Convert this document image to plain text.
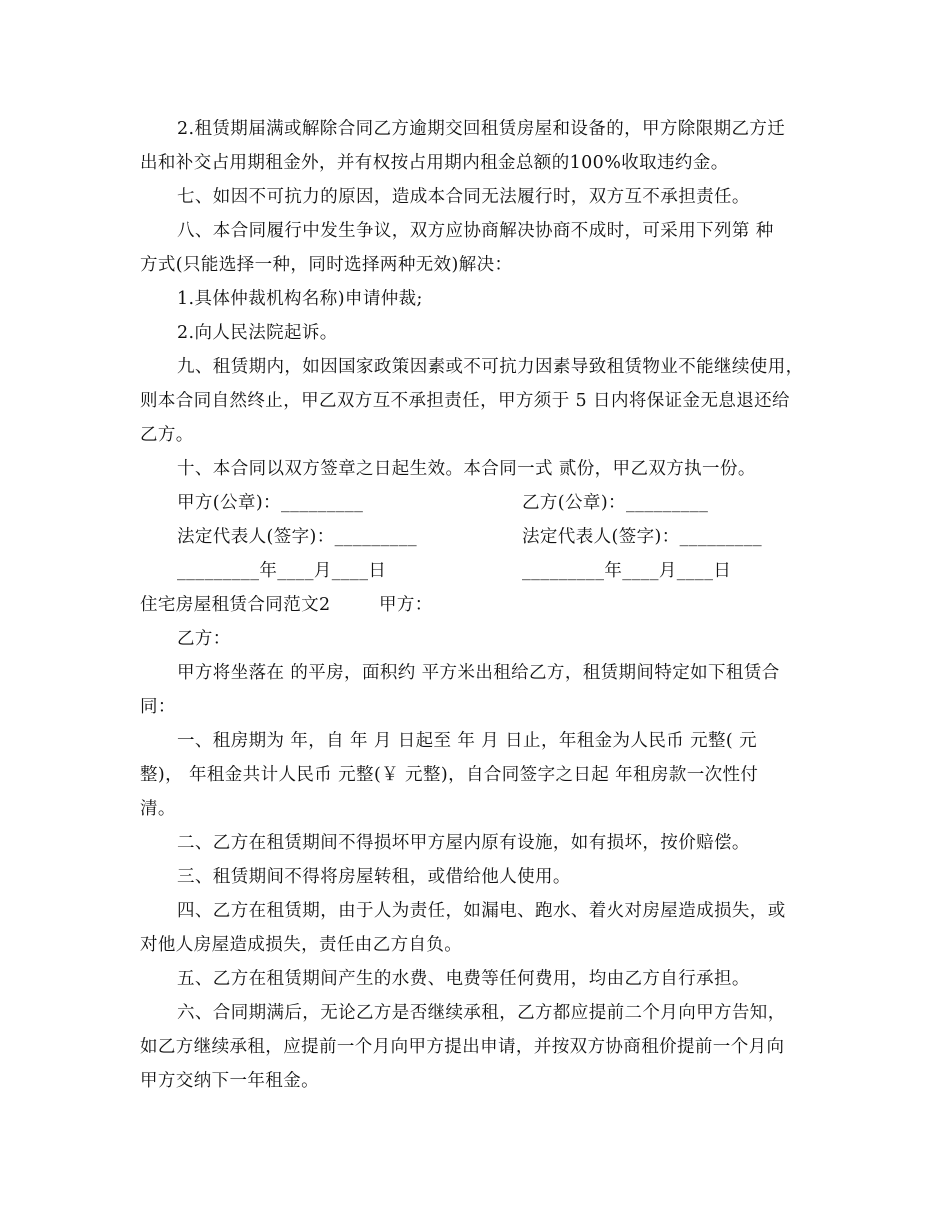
2.租赁期届满或解除合同乙方逾期交回租赁房屋和设备的，甲方除限期乙方迁
出和补交占用期租金外，并有权按占用期内租金总额的100%收取违约金。
七、如因不可抗力的原因，造成本合同无法履行时，双方互不承担责任。
八、本合同履行中发生争议，双方应协商解决协商不成时，可采用下列第 种
方式(只能选择一种，同时选择两种无效)解决：
1.具体仲裁机构名称)申请仲裁;
2.向人民法院起诉。
九、租赁期内，如因国家政策因素或不可抗力因素导致租赁物业不能继续使用，
则本合同自然终止，甲乙双方互不承担责任，甲方须于 5 日内将保证金无息退还给
乙方。
十、本合同以双方签章之日起生效。本合同一式 贰份，甲乙双方执一份。
甲方(公章)：_________	乙方(公章)：_________
法定代表人(签字)：_________	法定代表人(签字)：_________
_________年____月____日	_________年____月____日
住宅房屋租赁合同范文2	甲方：
乙方：
甲方将坐落在 的平房，面积约 平方米出租给乙方，租赁期间特定如下租赁合
同：
一、租房期为 年，自 年 月 日起至 年 月 日止，年租金为人民币 元整( 元
整)， 年租金共计人民币 元整(￥ 元整)，自合同签字之日起 年租房款一次性付
清。
二、乙方在租赁期间不得损坏甲方屋内原有设施，如有损坏，按价赔偿。
三、租赁期间不得将房屋转租，或借给他人使用。
四、乙方在租赁期，由于人为责任，如漏电、跑水、着火对房屋造成损失，或
对他人房屋造成损失，责任由乙方自负。
五、乙方在租赁期间产生的水费、电费等任何费用，均由乙方自行承担。
六、合同期满后，无论乙方是否继续承租，乙方都应提前二个月向甲方告知，
如乙方继续承租，应提前一个月向甲方提出申请，并按双方协商租价提前一个月向
甲方交纳下一年租金。
